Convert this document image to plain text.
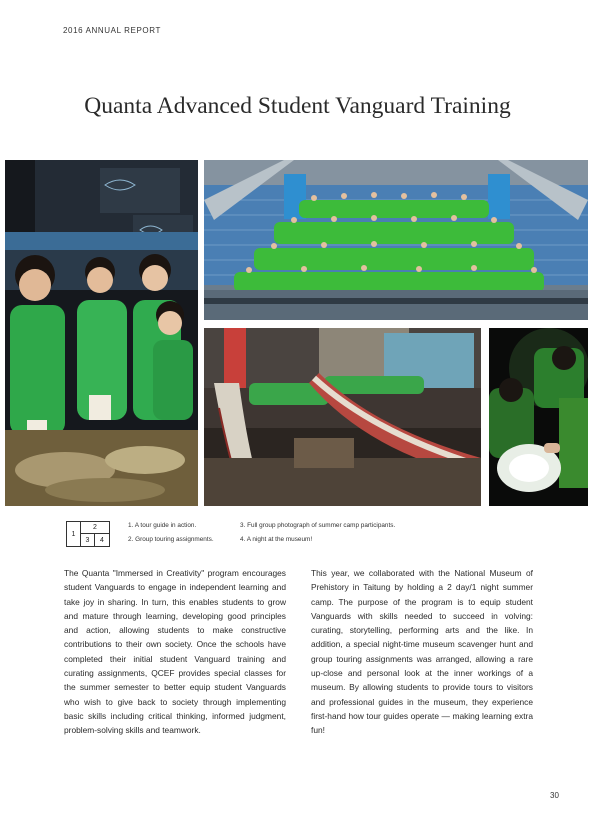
2016 ANNUAL REPORT
Quanta Advanced Student Vanguard Training
1
2
3	4
1. A tour guide in action.
2. Group touring assignments.
3. Full group photograph of summer camp participants.
4. A night at the museum!

The Quanta "Immersed in Creativity" program encourages student Vanguards to engage in independent learning and take joy in sharing. In turn, this enables students to grow and mature through learning, developing good principles and action, allowing students to make constructive contributions to their own society. Once the schools have completed their initial student Vanguard training and curating assignments, QCEF provides special classes for the summer semester to better equip student Vanguards who wish to give back to society through implementing basic skills including critical thinking, informed judgment, problem-solving skills and teamwork.

This year, we collaborated with the National Museum of Prehistory in Taitung by holding a 2 day/1 night summer camp. The purpose of the program is to equip student Vanguards with skills needed to succeed in volving: curating, storytelling, performing arts and the like. In addition, a special night-time museum scavenger hunt and group touring assignments was arranged, allowing a rare up-close and personal look at the inner workings of a museum. By allowing students to provide tours to visitors and professional guides in the museum, they experience first-hand how tour guides operate — making learning extra fun!

30
